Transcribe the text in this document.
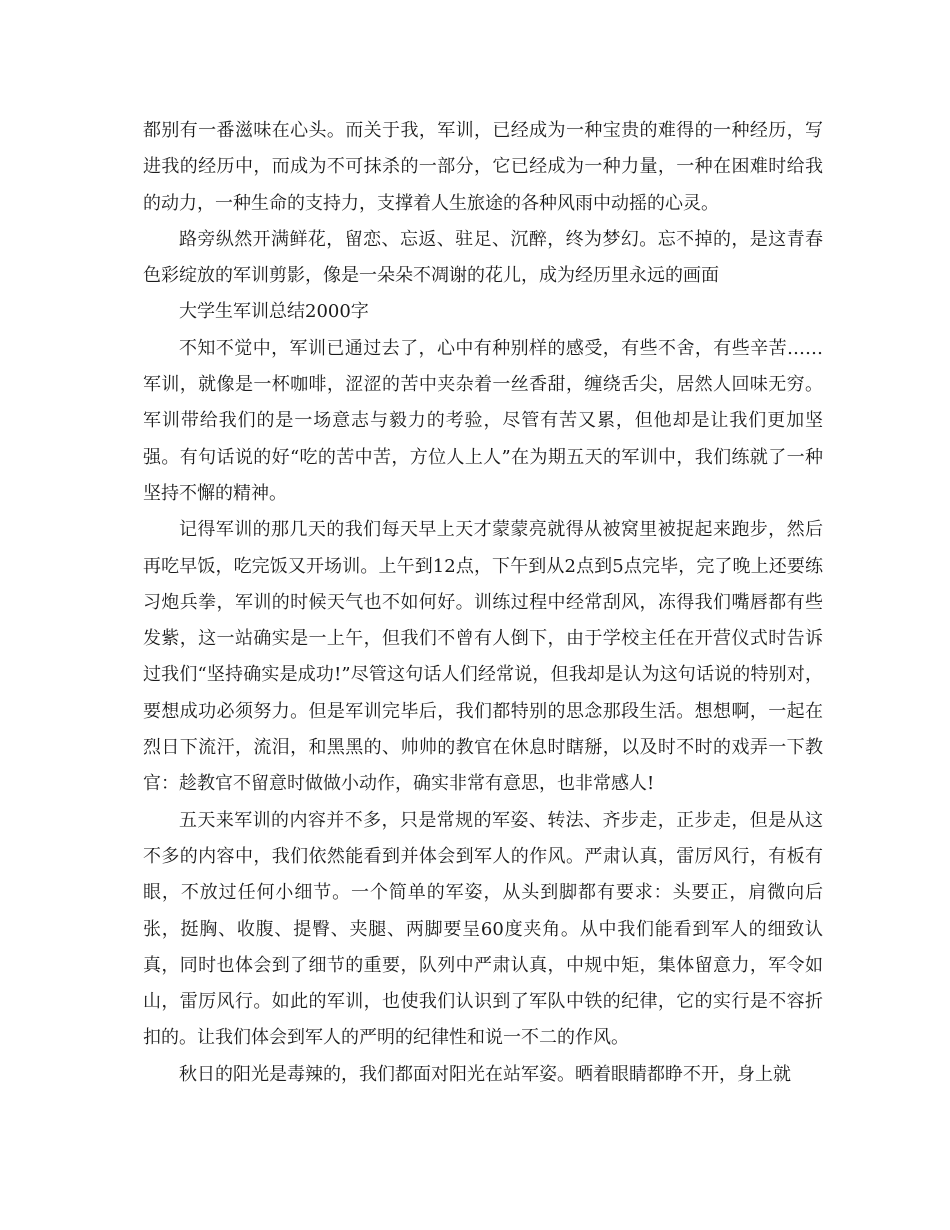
都别有一番滋味在心头。而关于我，军训，已经成为一种宝贵的难得的一种经历，写进我的经历中，而成为不可抹杀的一部分，它已经成为一种力量，一种在困难时给我的动力，一种生命的支持力，支撑着人生旅途的各种风雨中动摇的心灵。

路旁纵然开满鲜花，留恋、忘返、驻足、沉醉，终为梦幻。忘不掉的，是这青春色彩绽放的军训剪影，像是一朵朵不凋谢的花儿，成为经历里永远的画面

大学生军训总结2000字

不知不觉中，军训已通过去了，心中有种别样的感受，有些不舍，有些辛苦……军训，就像是一杯咖啡，涩涩的苦中夹杂着一丝香甜，缠绕舌尖，居然人回味无穷。军训带给我们的是一场意志与毅力的考验，尽管有苦又累，但他却是让我们更加坚强。有句话说的好“吃的苦中苦，方位人上人”在为期五天的军训中，我们练就了一种坚持不懈的精神。

记得军训的那几天的我们每天早上天才蒙蒙亮就得从被窝里被捉起来跑步，然后再吃早饭，吃完饭又开场训。上午到12点，下午到从2点到5点完毕，完了晚上还要练习炮兵拳，军训的时候天气也不如何好。训练过程中经常刮风，冻得我们嘴唇都有些发紫，这一站确实是一上午，但我们不曾有人倒下，由于学校主任在开营仪式时告诉过我们“坚持确实是成功!”尽管这句话人们经常说，但我却是认为这句话说的特别对，要想成功必须努力。但是军训完毕后，我们都特别的思念那段生活。想想啊，一起在烈日下流汗，流泪，和黑黑的、帅帅的教官在休息时瞎掰，以及时不时的戏弄一下教官：趁教官不留意时做做小动作，确实非常有意思，也非常感人!

五天来军训的内容并不多，只是常规的军姿、转法、齐步走，正步走，但是从这不多的内容中，我们依然能看到并体会到军人的作风。严肃认真，雷厉风行，有板有眼，不放过任何小细节。一个简单的军姿，从头到脚都有要求：头要正，肩微向后张，挺胸、收腹、提臀、夹腿、两脚要呈60度夹角。从中我们能看到军人的细致认真，同时也体会到了细节的重要，队列中严肃认真，中规中矩，集体留意力，军令如山，雷厉风行。如此的军训，也使我们认识到了军队中铁的纪律，它的实行是不容折扣的。让我们体会到军人的严明的纪律性和说一不二的作风。

秋日的阳光是毒辣的，我们都面对阳光在站军姿。晒着眼睛都睁不开，身上就
